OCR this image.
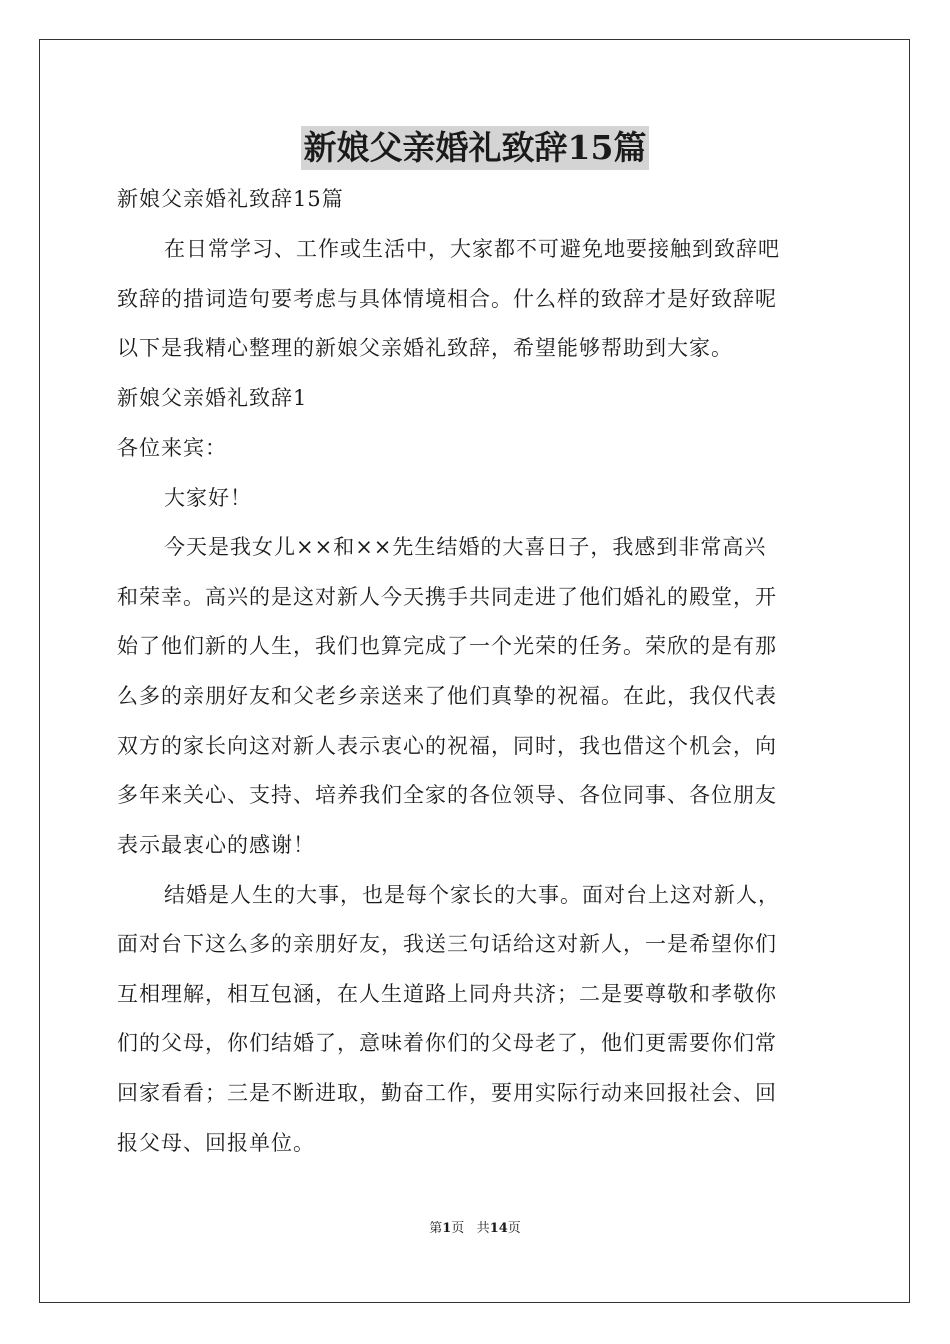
新娘父亲婚礼致辞15篇
新娘父亲婚礼致辞15篇
在日常学习、工作或生活中，大家都不可避免地要接触到致辞吧
致辞的措词造句要考虑与具体情境相合。什么样的致辞才是好致辞呢
以下是我精心整理的新娘父亲婚礼致辞，希望能够帮助到大家。
新娘父亲婚礼致辞1
各位来宾：
大家好！
今天是我女儿××和××先生结婚的大喜日子，我感到非常高兴
和荣幸。高兴的是这对新人今天携手共同走进了他们婚礼的殿堂，开
始了他们新的人生，我们也算完成了一个光荣的任务。荣欣的是有那
么多的亲朋好友和父老乡亲送来了他们真挚的祝福。在此，我仅代表
双方的家长向这对新人表示衷心的祝福，同时，我也借这个机会，向
多年来关心、支持、培养我们全家的各位领导、各位同事、各位朋友
表示最衷心的感谢！
结婚是人生的大事，也是每个家长的大事。面对台上这对新人，
面对台下这么多的亲朋好友，我送三句话给这对新人，一是希望你们
互相理解，相互包涵，在人生道路上同舟共济；二是要尊敬和孝敬你
们的父母，你们结婚了，意味着你们的父母老了，他们更需要你们常
回家看看；三是不断进取，勤奋工作，要用实际行动来回报社会、回
报父母、回报单位。
第1页 共14页
